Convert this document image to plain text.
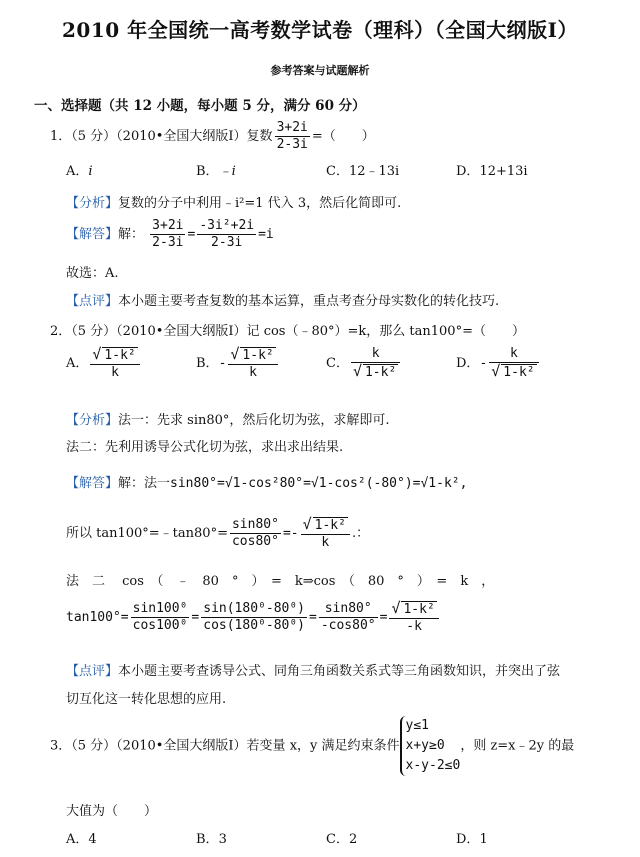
2010 年全国统一高考数学试卷（理科）（全国大纲版Ⅰ）
参考答案与试题解析
一、选择题（共 12 小题，每小题 5 分，满分 60 分）
1．（5 分）（2010•全国大纲版Ⅰ）复数 $\frac{3+2i}{2-3i}$ =（　　）
A．i	B．﹣i	C．12﹣13i	D．12+13i
【分析】复数的分子中利用﹣i²=1 代入 3，然后化简即可.
【解答】解： $\frac{3+2i}{2-3i} = \frac{\text{-3i²+2i}}{2-3i} =i$
故选：A.
【点评】本小题主要考查复数的基本运算，重点考查分母实数化的转化技巧.
2．（5 分）（2010•全国大纲版Ⅰ）记 cos（﹣80°）=k，那么 tan100°=（　　）
A． $\frac{\text{√ 1-k²}}{k}$	B．- $\frac{\text{√ 1-k²}}{k}$	C． $\frac{k}{\text{√ 1-k²}}$	D．- $\frac{k}{\text{√ 1-k²}}$
【分析】法一：先求 sin80°，然后化切为弦，求解即可.
法二：先利用诱导公式化切为弦，求出求出结果.
【解答】解：法一sin80°=√1-cos²80°=√1-cos²(-80°)=√1-k²,
所以 tan100°=﹣tan80°= $\frac{\sin 80^\circ}{\cos 80^\circ} =- \frac{\text{√ 1-k²}}{k}$ .：
法　二　 cos　（　﹣　80　°　）　=　k⇒cos　（　80　°　）　=　k　，
$\tan 100^\circ= \frac{\text{sin100⁰}}{\text{cos100⁰}} = \frac{\text{sin(180⁰-80⁰)}}{\text{cos(180⁰-80⁰)}} = \frac{\sin 80^\circ}{-\cos 80^\circ} = \frac{\text{√ 1-k²}}{-k}$
【点评】本小题主要考查诱导公式、同角三角函数关系式等三角函数知识，并突出了弦
切互化这一转化思想的应用.
3．（5 分）（2010•全国大纲版Ⅰ）若变量 x，y 满足约束条件
y≤1
x+y≥0
x-y-2≤0
，则 z=x﹣2y 的最
大值为（　　）
A．4	B．3	C．2	D．1
